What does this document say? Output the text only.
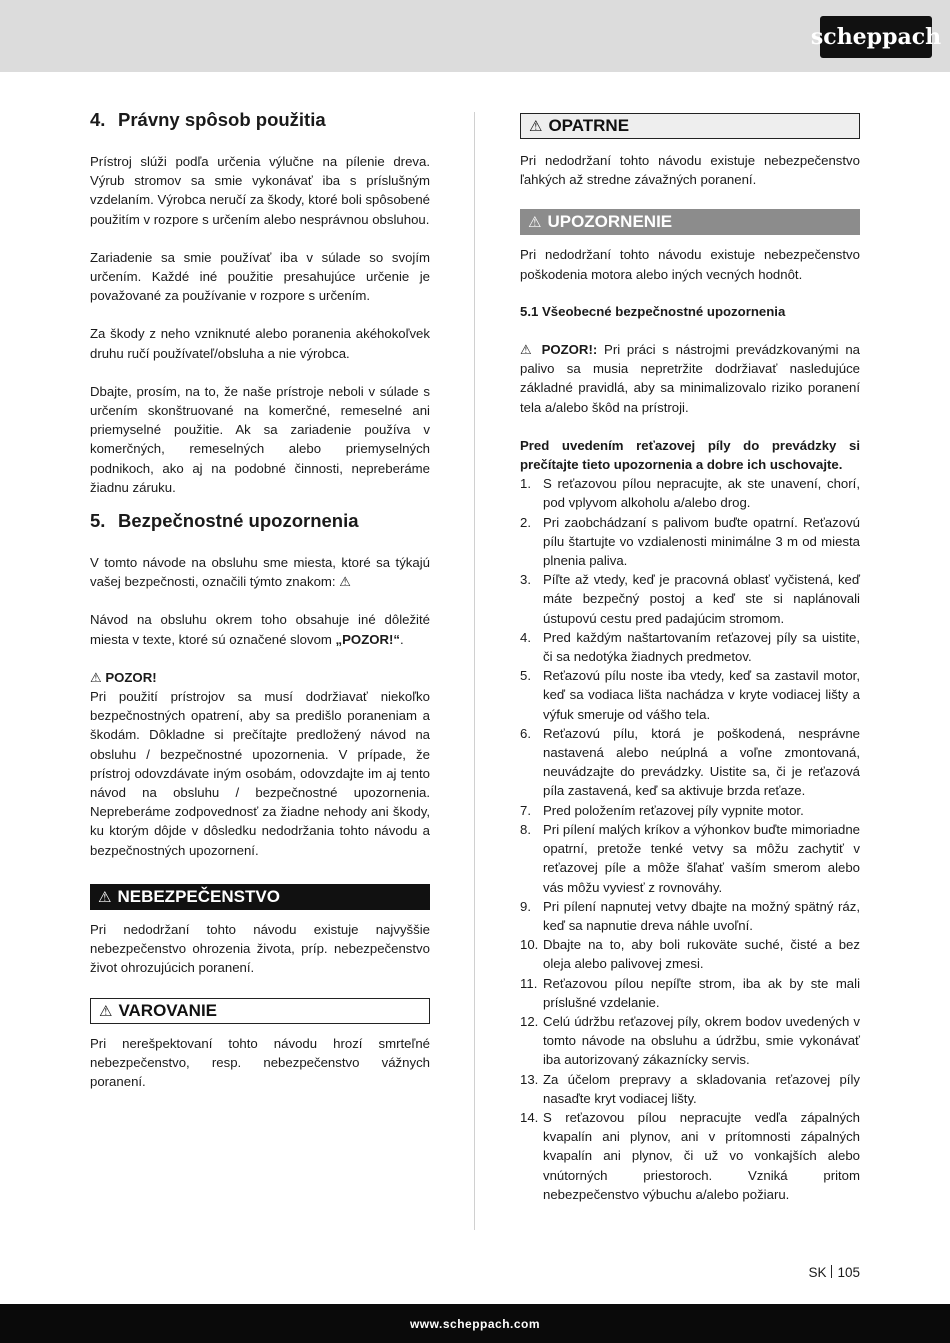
scheppach
4. Právny spôsob použitia

Prístroj slúži podľa určenia výlučne na pílenie dreva. Výrub stromov sa smie vykonávať iba s príslušným vzdelaním. Výrobca neručí za škody, ktoré boli spôsobené použitím v rozpore s určením alebo nesprávnou obsluhou.

Zariadenie sa smie používať iba v súlade so svojím určením. Každé iné použitie presahujúce určenie je považované za používanie v rozpore s určením.

Za škody z neho vzniknuté alebo poranenia akéhokoľvek druhu ručí používateľ/obsluha a nie výrobca.

Dbajte, prosím, na to, že naše prístroje neboli v súlade s určením skonštruované na komerčné, remeselné ani priemyselné použitie. Ak sa zariadenie používa v komerčných, remeselných alebo priemyselných podnikoch, ako aj na podobné činnosti, nepreberáme žiadnu záruku.

5. Bezpečnostné upozornenia

V tomto návode na obsluhu sme miesta, ktoré sa týkajú vašej bezpečnosti, označili týmto znakom: ⚠

Návod na obsluhu okrem toho obsahuje iné dôležité miesta v texte, ktoré sú označené slovom „POZOR!“.

⚠ POZOR!

Pri použití prístrojov sa musí dodržiavať niekoľko bezpečnostných opatrení, aby sa predišlo poraneniam a škodám. Dôkladne si prečítajte predložený návod na obsluhu / bezpečnostné upozornenia. V prípade, že prístroj odovzdávate iným osobám, odovzdajte im aj tento návod na obsluhu / bezpečnostné upozornenia. Nepreberáme zodpovednosť za žiadne nehody ani škody, ku ktorým dôjde v dôsledku nedodržania tohto návodu a bezpečnostných upozornení.

⚠ NEBEZPEČENSTVO

Pri nedodržaní tohto návodu existuje najvyššie nebezpečenstvo ohrozenia života, príp. nebezpečenstvo život ohrozujúcich poranení.

⚠ VAROVANIE

Pri nerešpektovaní tohto návodu hrozí smrteľné nebezpečenstvo, resp. nebezpečenstvo vážnych poranení.

⚠ OPATRNE

Pri nedodržaní tohto návodu existuje nebezpečenstvo ľahkých až stredne závažných poranení.

⚠ UPOZORNENIE

Pri nedodržaní tohto návodu existuje nebezpečenstvo poškodenia motora alebo iných vecných hodnôt.

5.1 Všeobecné bezpečnostné upozornenia

⚠ POZOR!: Pri práci s nástrojmi prevádzkovanými na palivo sa musia nepretržite dodržiavať nasledujúce základné pravidlá, aby sa minimalizovalo riziko poranení tela a/alebo škôd na prístroji.

Pred uvedením reťazovej píly do prevádzky si prečítajte tieto upozornenia a dobre ich uschovajte.

1. S reťazovou pílou nepracujte, ak ste unavení, chorí, pod vplyvom alkoholu a/alebo drog.
2. Pri zaobchádzaní s palivom buďte opatrní. Reťazovú pílu štartujte vo vzdialenosti minimálne 3 m od miesta plnenia paliva.
3. Píľte až vtedy, keď je pracovná oblasť vyčistená, keď máte bezpečný postoj a keď ste si naplánovali ústupovú cestu pred padajúcim stromom.
4. Pred každým naštartovaním reťazovej píly sa uistite, či sa nedotýka žiadnych predmetov.
5. Reťazovú pílu noste iba vtedy, keď sa zastavil motor, keď sa vodiaca lišta nachádza v kryte vodiacej lišty a výfuk smeruje od vášho tela.
6. Reťazovú pílu, ktorá je poškodená, nesprávne nastavená alebo neúplná a voľne zmontovaná, neuvádzajte do prevádzky. Uistite sa, či je reťazová píla zastavená, keď sa aktivuje brzda reťaze.
7. Pred položením reťazovej píly vypnite motor.
8. Pri pílení malých kríkov a výhonkov buďte mimoriadne opatrní, pretože tenké vetvy sa môžu zachytiť v reťazovej píle a môže šľahať vaším smerom alebo vás môžu vyviesť z rovnováhy.
9. Pri pílení napnutej vetvy dbajte na možný spätný ráz, keď sa napnutie dreva náhle uvoľní.
10. Dbajte na to, aby boli rukoväte suché, čisté a bez oleja alebo palivovej zmesi.
11. Reťazovou pílou nepíľte strom, iba ak by ste mali príslušné vzdelanie.
12. Celú údržbu reťazovej píly, okrem bodov uvedených v tomto návode na obsluhu a údržbu, smie vykonávať iba autorizovaný zákaznícky servis.
13. Za účelom prepravy a skladovania reťazovej píly nasaďte kryt vodiacej lišty.
14. S reťazovou pílou nepracujte vedľa zápalných kvapalín ani plynov, ani v prítomnosti zápalných kvapalín ani plynov, či už vo vonkajších alebo vnútorných priestoroch. Vzniká pritom nebezpečenstvo výbuchu a/alebo požiaru.
SK 105
www.scheppach.com
